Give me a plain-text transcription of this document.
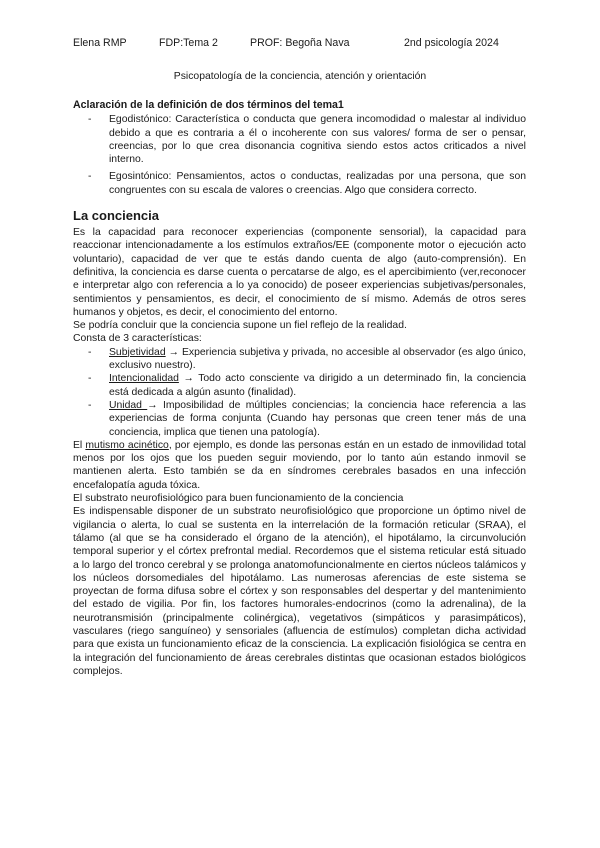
Elena RMP	FDP:Tema 2	PROF: Begoña Nava	2nd psicología 2024
Psicopatología de la conciencia, atención y orientación

Aclaración de la definición de dos términos del tema1

- Egodistónico: Característica o conducta que genera incomodidad o malestar al individuo debido a que es contraria a él o incoherente con sus valores/ forma de ser o pensar, creencias, por lo que crea disonancia cognitiva siendo estos actos criticados a nivel interno.
- Egosintónico: Pensamientos, actos o conductas, realizadas por una persona, que son congruentes con su escala de valores o creencias. Algo que considera correcto.

La conciencia

Es la capacidad para reconocer experiencias (componente sensorial), la capacidad para reaccionar intencionadamente a los estímulos extraños/EE (componente motor o ejecución acto voluntario), capacidad de ver que te estás dando cuenta de algo (auto-comprensión). En definitiva, la conciencia es darse cuenta o percatarse de algo, es el apercibimiento (ver,reconocer e interpretar algo con referencia a lo ya conocido) de poseer experiencias subjetivas/personales, sentimientos y pensamientos, es decir, el conocimiento de sí mismo. Además de otros seres humanos y objetos, es decir, el conocimiento del entorno.

Se podría concluir que la conciencia supone un fiel reflejo de la realidad.

Consta de 3 características:

- Subjetividad → Experiencia subjetiva y privada, no accesible al observador (es algo único, exclusivo nuestro).
- Intencionalidad → Todo acto consciente va dirigido a un determinado fin, la conciencia está dedicada a algún asunto (finalidad).
- Unidad → Imposibilidad de múltiples conciencias; la conciencia hace referencia a las experiencias de forma conjunta (Cuando hay personas que creen tener más de una conciencia, implica que tienen una patología).

El mutismo acinético, por ejemplo, es donde las personas están en un estado de inmovilidad total menos por los ojos que los pueden seguir moviendo, por lo tanto aún estando inmovil se mantienen alerta. Esto también se da en síndromes cerebrales basados en una infección encefalopatía aguda tóxica.

El substrato neurofisiológico para buen funcionamiento de la conciencia

Es indispensable disponer de un substrato neurofisiológico que proporcione un óptimo nivel de vigilancia o alerta, lo cual se sustenta en la interrelación de la formación reticular (SRAA), el tálamo (al que se ha considerado el órgano de la atención), el hipotálamo, la circunvolución temporal superior y el córtex prefrontal medial. Recordemos que el sistema reticular está situado a lo largo del tronco cerebral y se prolonga anatomofuncionalmente en ciertos núcleos talámicos y los núcleos dorsomediales del hipotálamo. Las numerosas aferencias de este sistema se proyectan de forma difusa sobre el córtex y son responsables del despertar y del mantenimiento del estado de vigilia. Por fin, los factores humorales-endocrinos (como la adrenalina), de la neurotransmisión (principalmente colinérgica), vegetativos (simpáticos y parasimpáticos), vasculares (riego sanguíneo) y sensoriales (afluencia de estímulos) completan dicha actividad para que exista un funcionamiento eficaz de la consciencia. La explicación fisiológica se centra en la integración del funcionamiento de áreas cerebrales distintas que ocasionan estados biológicos complejos.
